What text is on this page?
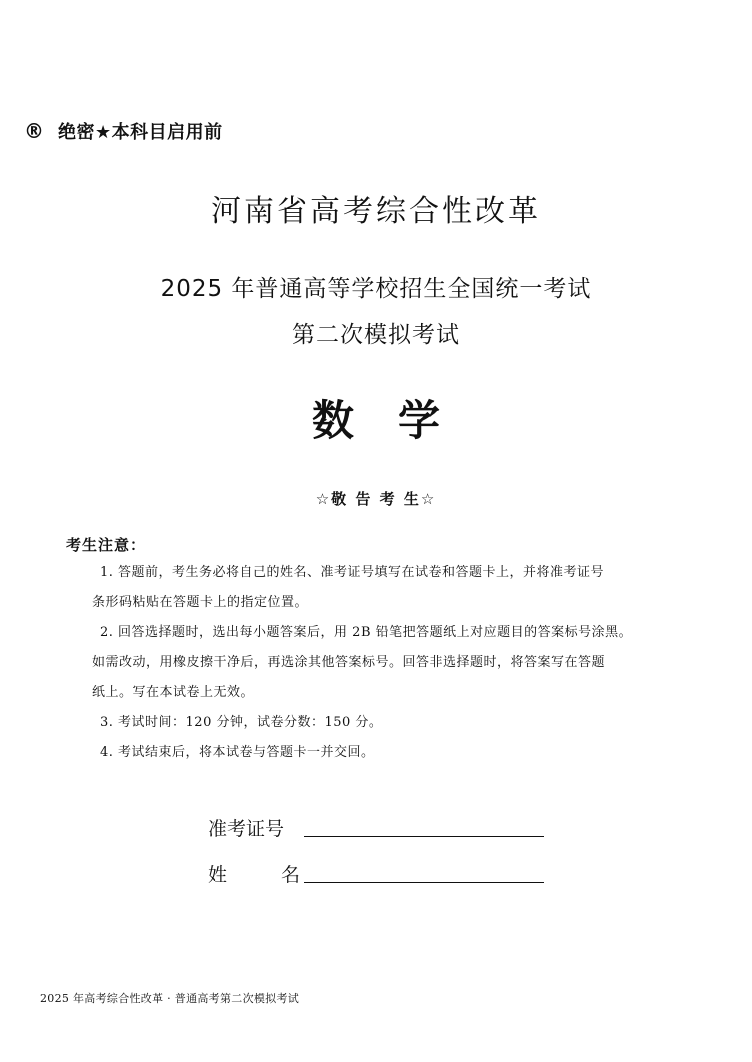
® 绝密★本科目启用前
河南省高考综合性改革
2025 年普通高等学校招生全国统一考试
第二次模拟考试
数 学
☆敬 告 考 生☆
考生注意：
1. 答题前，考生务必将自己的姓名、准考证号填写在试卷和答题卡上，并将准考证号
条形码粘贴在答题卡上的指定位置。
2. 回答选择题时，选出每小题答案后，用 2B 铅笔把答题纸上对应题目的答案标号涂黑。
如需改动，用橡皮擦干净后，再选涂其他答案标号。回答非选择题时，将答案写在答题
纸上。写在本试卷上无效。
3. 考试时间：120 分钟，试卷分数：150 分。
4. 考试结束后，将本试卷与答题卡一并交回。
准考证号
姓	名
2025 年高考综合性改革 · 普通高考第二次模拟考试
